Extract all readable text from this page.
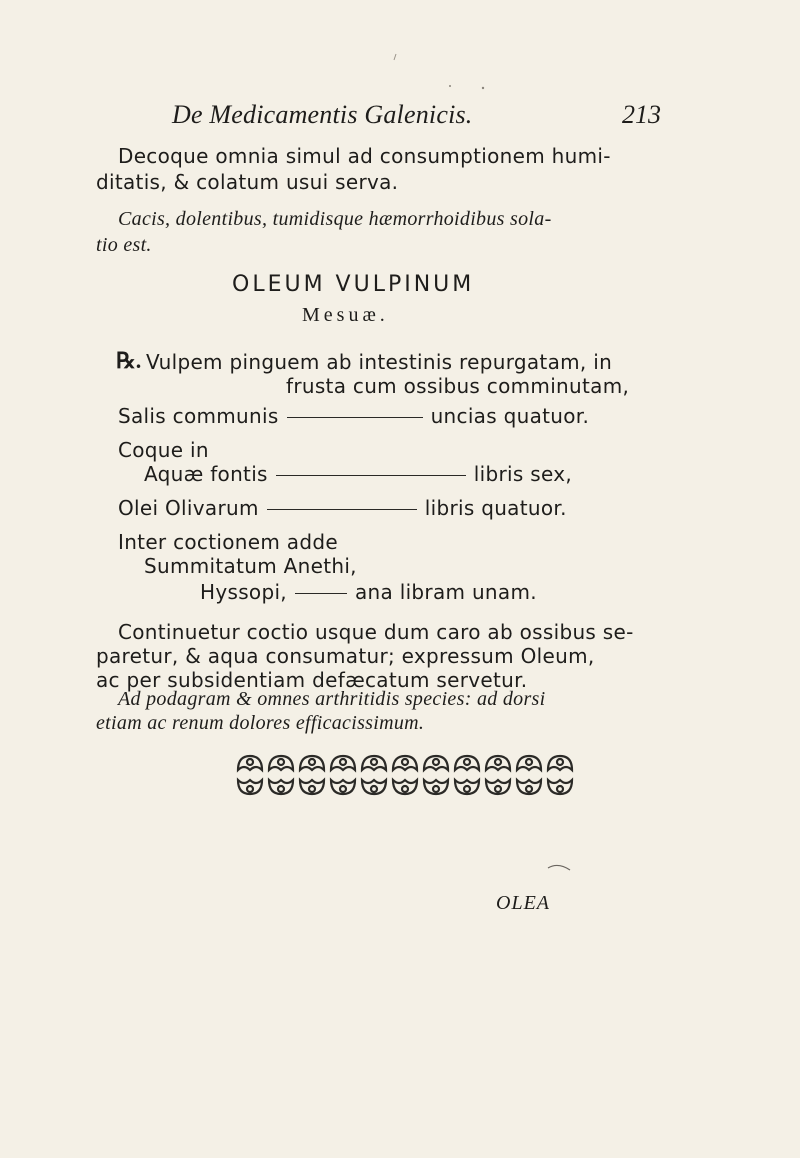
De Medicamentis Galenicis.	213
Decoque omnia simul ad consumptionem humi-
ditatis, & colatum usui serva.
Cacis, dolentibus, tumidisque hæmorrhoidibus sola-
tio est.
OLEUM VULPINUM
Mesuæ.
℞. Vulpem pinguem ab intestinis repurgatam, in
frusta cum ossibus comminutam,
Salis communis	uncias quatuor.
Coque in
Aquæ fontis	libris sex,
Olei Olivarum	libris quatuor.
Inter coctionem adde
Summitatum Anethi,
Hyssopi,	ana libram unam.
Continuetur coctio usque dum caro ab ossibus se-
paretur, & aqua consumatur; expressum Oleum,
ac per subsidentiam defæcatum servetur.
Ad podagram & omnes arthritidis species: ad dorsi
etiam ac renum dolores efficacissimum.
OLEA
